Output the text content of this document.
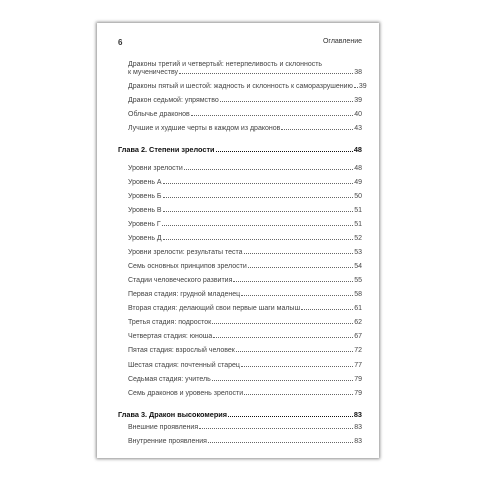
6	Оглавление
Драконы третий и четвертый: нетерпеливость и склонность
к мученичеству	38
Драконы пятый и шестой: жадность и склонность к саморазрушению 39
Дракон седьмой: упрямство	39
Облычье драконов	40
Лучшие и худшие черты в каждом из драконов	43
Глава 2. Степени зрелости	48
Уровни зрелости	48
Уровень А	49
Уровень Б	50
Уровень В	51
Уровень Г	51
Уровень Д	52
Уровни зрелости: результаты теста	53
Семь основных принципов зрелости	54
Стадии человеческого развития	55
Первая стадия: грудной младенец	58
Вторая стадия: делающий свои первые шаги малыш	61
Третья стадия: подросток	62
Четвертая стадия: юноша	67
Пятая стадия: взрослый человек	72
Шестая стадия: почтенный старец	77
Седьмая стадия: учитель	79
Семь драконов и уровень зрелости	79
Глава 3. Дракон высокомерия	83
Внешние проявления	83
Внутренние проявления	83
